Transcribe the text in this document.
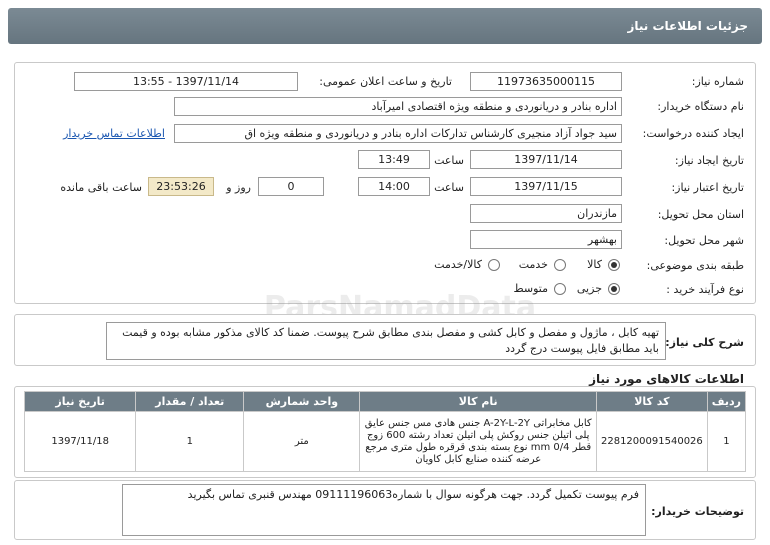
جزئیات اطلاعات نیاز
شماره نیاز:
11973635000115
تاریخ و ساعت اعلان عمومی:
1397/11/14 - 13:55
نام دستگاه خریدار:
اداره بنادر و دریانوردی و منطقه ویژه اقتصادی امیرآباد
ایجاد کننده درخواست:
سید جواد آزاد منجیری کارشناس تدارکات اداره بنادر و دریانوردی و منطقه ویژه اق
اطلاعات تماس خریدار
تاریخ ایجاد نیاز:
1397/11/14
ساعت
13:49
تاریخ اعتبار نیاز:
1397/11/15
ساعت
14:00
0
روز و
23:53:26
ساعت باقی مانده
استان محل تحویل:
مازندران
شهر محل تحویل:
بهشهر
طبقه بندی موضوعی:
کالا
خدمت
کالا/خدمت
نوع فرآیند خرید :
جزیی
متوسط
ParsNamadData
شرح کلی نیاز:
تهیه کابل ، ماژول و مفصل و کابل کشی و مفصل بندی مطابق شرح پیوست. ضمنا کد کالای مذکور مشابه بوده و قیمت باید مطابق فایل پیوست درج گردد
اطلاعات کالاهای مورد نیاز
ردیف	کد کالا	نام کالا	واحد شمارش	تعداد / مقدار	تاریخ نیاز
1	2281200091540026	کابل مخابراتی A-2Y-L-2Y جنس هادی مس جنس عایق پلی اتیلن جنس روکش پلی اتیلن تعداد رشته 600 زوج قطر 0/4 mm نوع بسته بندی قرقره طول متری مرجع عرضه کننده صنایع کابل کاویان	متر	1	1397/11/18
توضیحات خریدار:
فرم پیوست تکمیل گردد. جهت هرگونه سوال با شماره09111196063 مهندس قنبری تماس بگیرید
